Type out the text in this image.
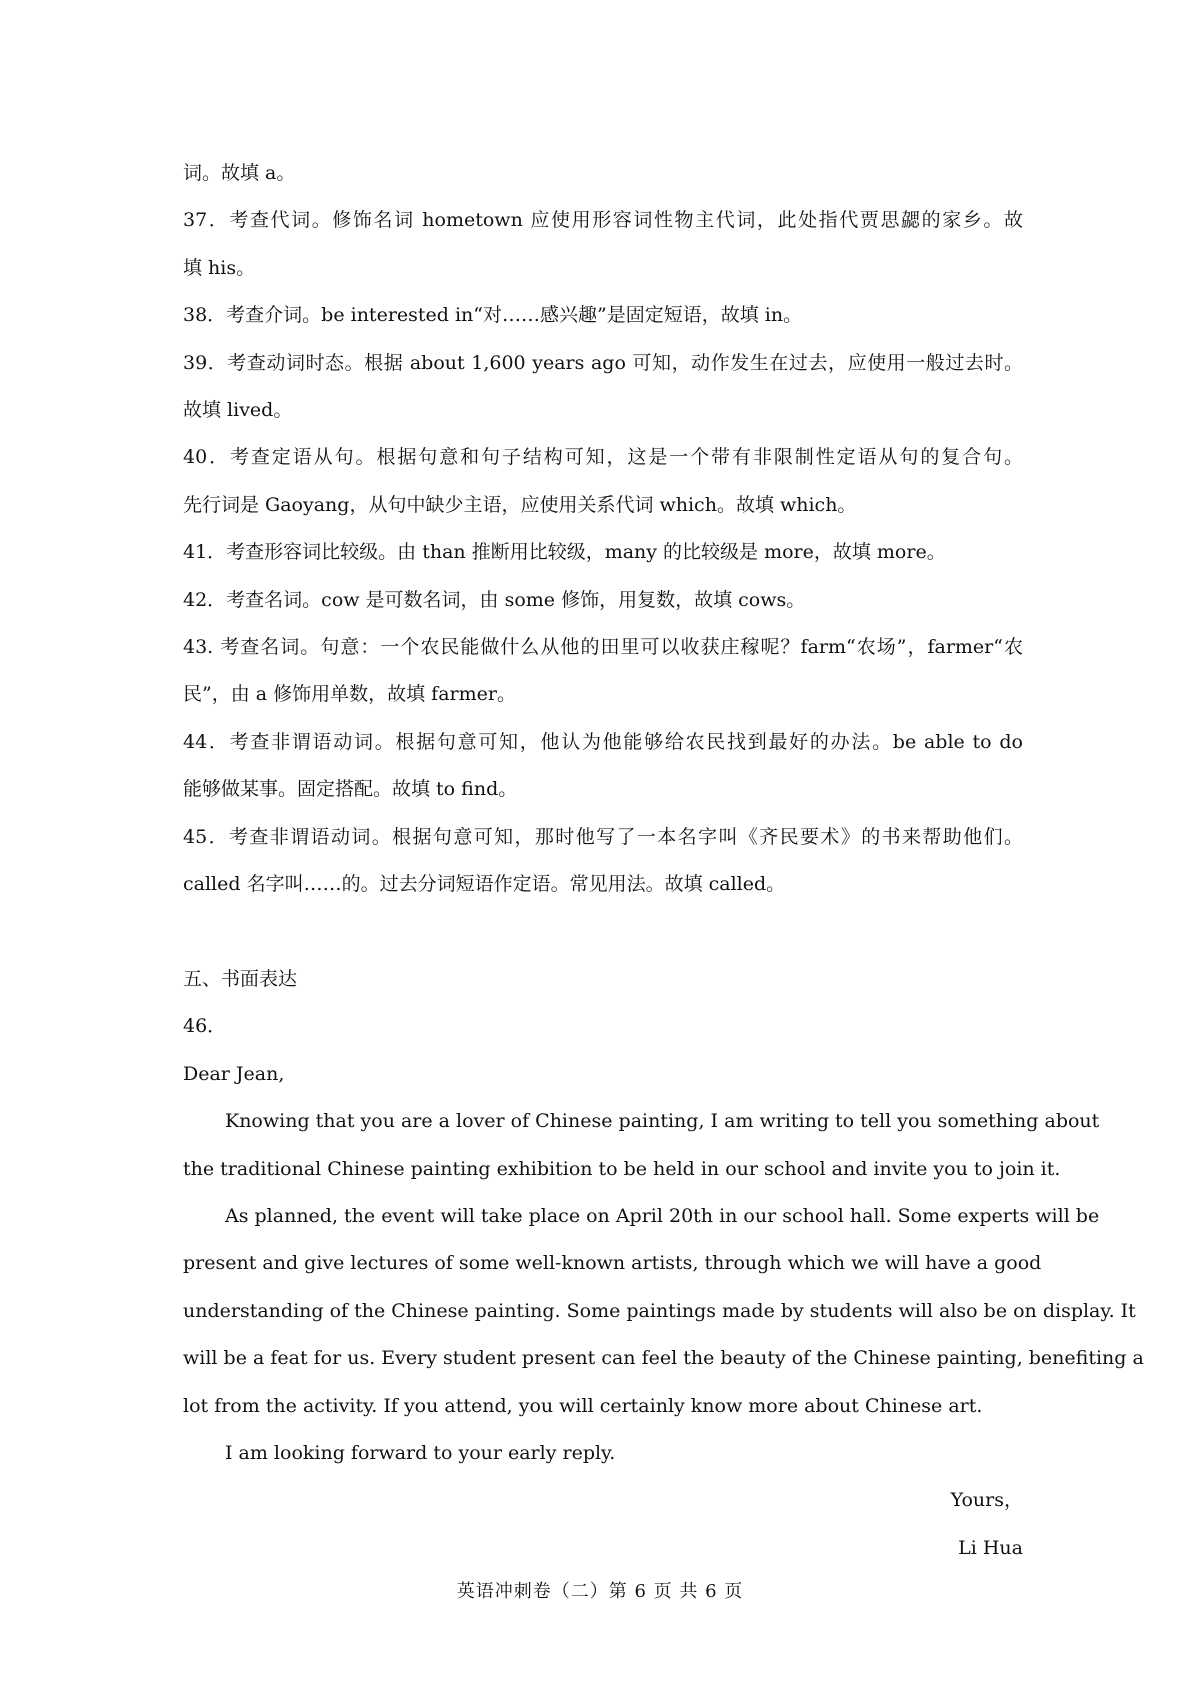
词。故填 a。
37．考查代词。修饰名词 hometown 应使用形容词性物主代词，此处指代贾思勰的家乡。故
填 his。
38．考查介词。be interested in“对……感兴趣”是固定短语，故填 in。
39．考查动词时态。根据 about 1,600 years ago 可知，动作发生在过去，应使用一般过去时。
故填 lived。
40．考查定语从句。根据句意和句子结构可知，这是一个带有非限制性定语从句的复合句。
先行词是 Gaoyang，从句中缺少主语，应使用关系代词 which。故填 which。
41．考查形容词比较级。由 than 推断用比较级，many 的比较级是 more，故填 more。
42．考查名词。cow 是可数名词，由 some 修饰，用复数，故填 cows。
43. 考查名词。句意：一个农民能做什么从他的田里可以收获庄稼呢？farm“农场”，farmer“农
民”，由 a 修饰用单数，故填 farmer。
44．考查非谓语动词。根据句意可知，他认为他能够给农民找到最好的办法。be able to do
能够做某事。固定搭配。故填 to find。
45．考查非谓语动词。根据句意可知，那时他写了一本名字叫《齐民要术》的书来帮助他们。
called 名字叫……的。过去分词短语作定语。常见用法。故填 called。
五、书面表达
46．
Dear Jean,
Knowing that you are a lover of Chinese painting, I am writing to tell you something about
the traditional Chinese painting exhibition to be held in our school and invite you to join it.
As planned, the event will take place on April 20th in our school hall. Some experts will be
present and give lectures of some well-known artists, through which we will have a good
understanding of the Chinese painting. Some paintings made by students will also be on display. It
will be a feat for us. Every student present can feel the beauty of the Chinese painting, benefiting a
lot from the activity. If you attend, you will certainly know more about Chinese art.
I am looking forward to your early reply.
Yours，
Li Hua
英语冲刺卷（二）第 6 页 共 6 页
